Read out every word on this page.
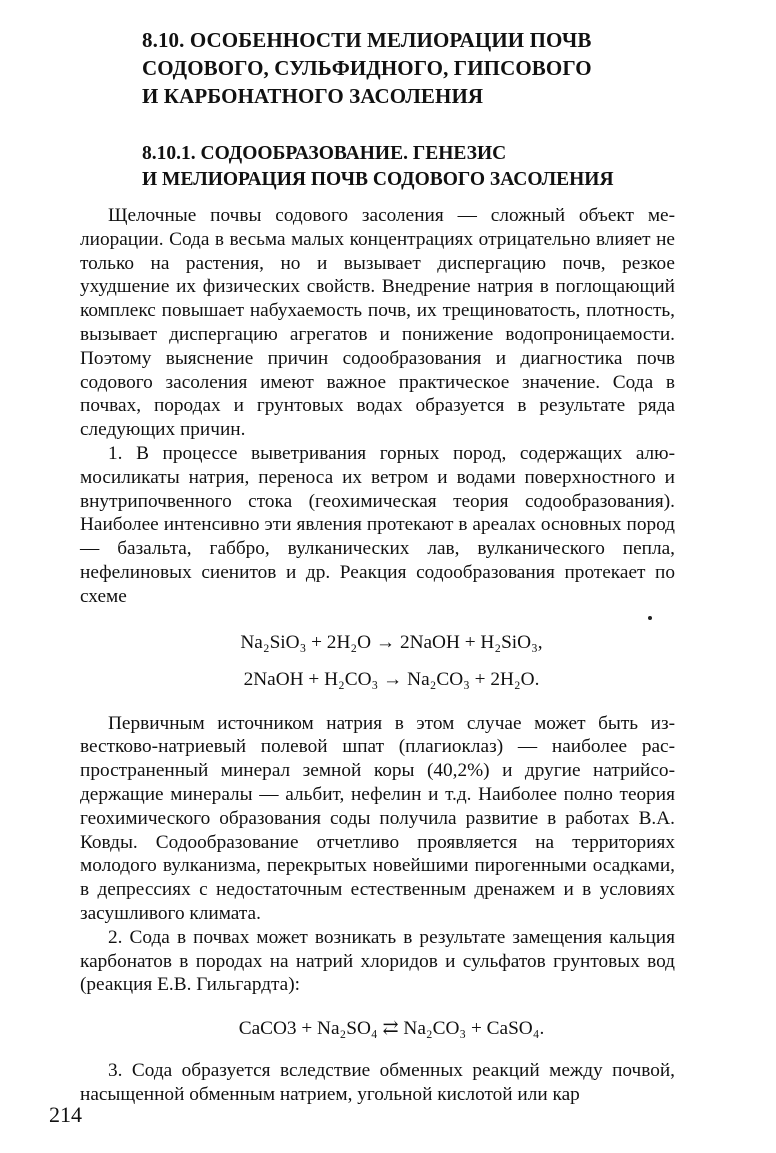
8.10. ОСОБЕННОСТИ МЕЛИОРАЦИИ ПОЧВ
СОДОВОГО, СУЛЬФИДНОГО, ГИПСОВОГО
И КАРБОНАТНОГО ЗАСОЛЕНИЯ
8.10.1. СОДООБРАЗОВАНИЕ. ГЕНЕЗИС
И МЕЛИОРАЦИЯ ПОЧВ СОДОВОГО ЗАСОЛЕНИЯ

Щелочные почвы содового засоления — сложный объект мелиорации. Сода в весьма малых концентрациях отрицательно влияет не только на растения, но и вызывает диспергацию почв, резкое ухудшение их физических свойств. Внедрение натрия в поглощающий комплекс повышает набухаемость почв, их трещиноватость, плотность, вызывает диспергацию агрегатов и понижение водопроницаемости. Поэтому выяснение причин содообразования и диагностика почв содового засоления имеют важное практическое значение. Сода в почвах, породах и грунтовых водах образуется в результате ряда следующих причин.

1. В процессе выветривания горных пород, содержащих алюмосиликаты натрия, переноса их ветром и водами поверхностного и внутрипочвенного стока (геохимическая теория содообразования). Наиболее интенсивно эти явления протекают в ареалах основных пород — базальта, габбро, вулканических лав, вулканического пепла, нефелиновых сиенитов и др. Реакция содообразования протекает по схеме

Na₂SiO₃ + 2H₂O → 2NaOH + H₂SiO₃,

2NaOH + H₂CO₃ → Na₂CO₃ + 2H₂O.

Первичным источником натрия в этом случае может быть известково-натриевый полевой шпат (плагиоклаз) — наиболее распространенный минерал земной коры (40,2%) и другие натрийсодержащие минералы — альбит, нефелин и т.д. Наиболее полно теория геохимического образования соды получила развитие в работах В.А. Ковды. Содообразование отчетливо проявляется на территориях молодого вулканизма, перекрытых новейшими пирогенными осадками, в депрессиях с недостаточным естественным дренажем и в условиях засушливого климата.

2. Сода в почвах может возникать в результате замещения кальция карбонатов в породах на натрий хлоридов и сульфатов грунтовых вод (реакция Е.В. Гильгардта):

CaCO3 + Na₂SO₄ ⇄ Na₂CO₃ + CaSO₄.

3. Сода образуется вследствие обменных реакций между почвой, насыщенной обменным натрием, угольной кислотой или кар

214
